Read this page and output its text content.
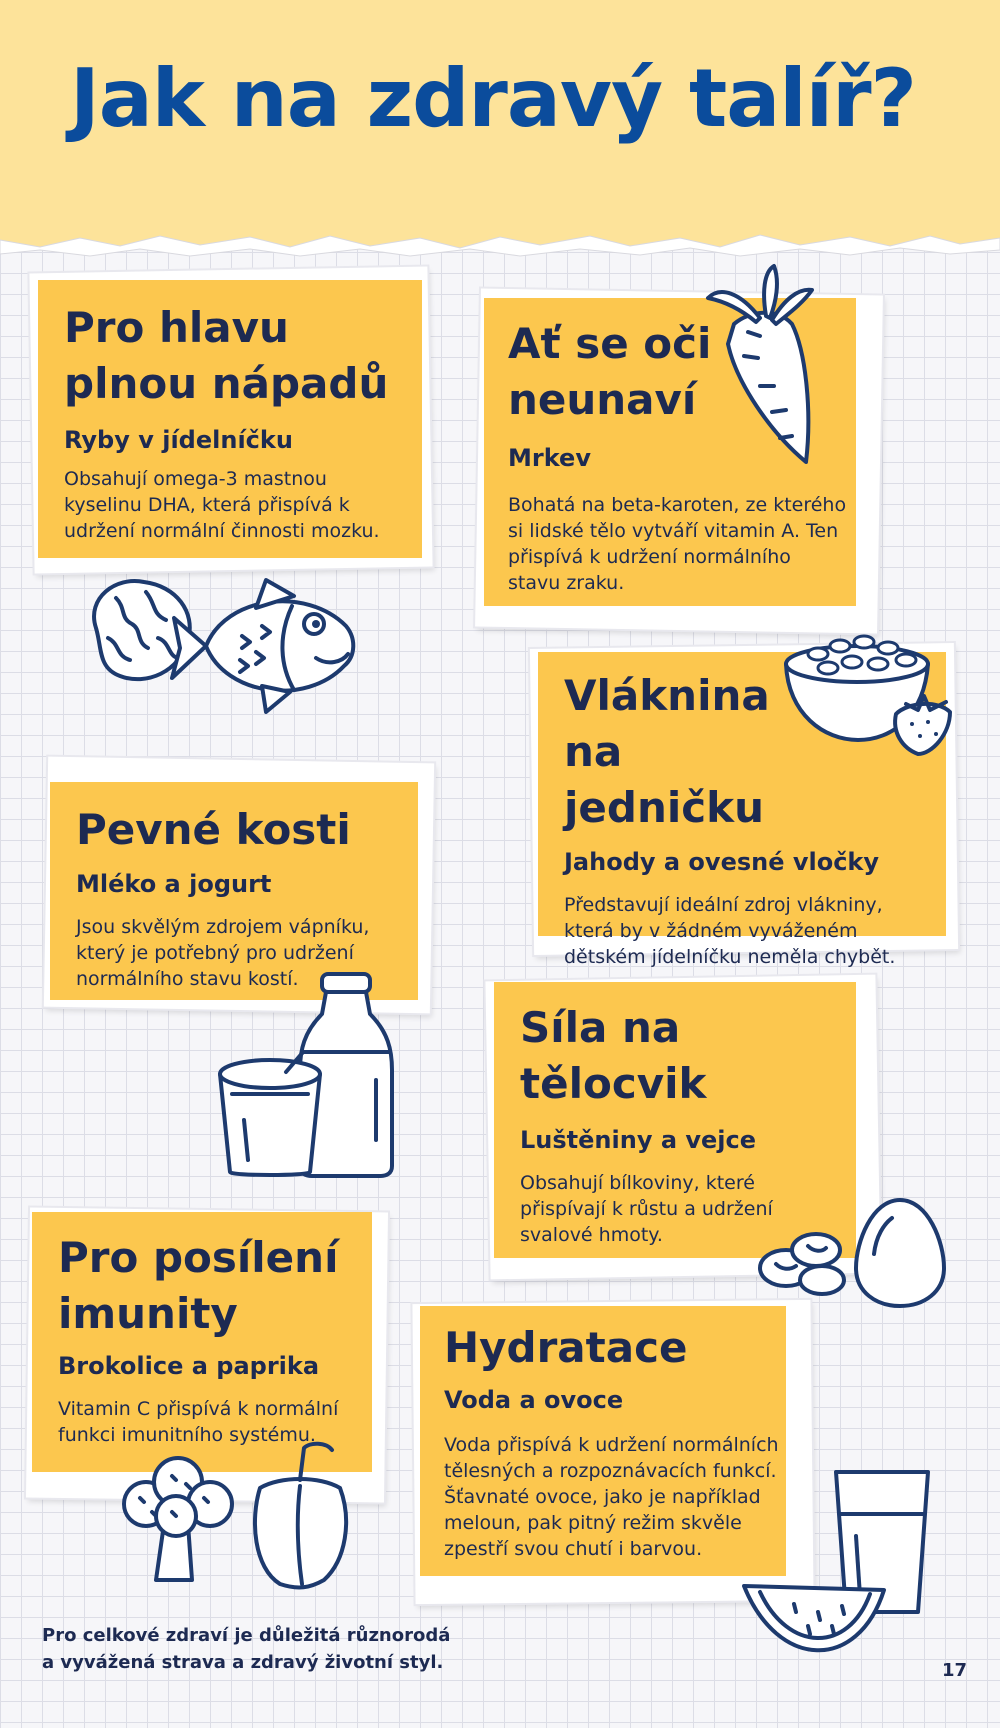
Jak na zdravý talíř?
Pro hlavu plnou nápadů
Ryby v jídelníčku

Obsahují omega-3 mastnou kyselinu DHA, která přispívá k udržení normální činnosti mozku.

Ať se oči neunaví
Mrkev

Bohatá na beta-karoten, ze kterého si lidské tělo vytváří vitamin A. Ten přispívá k udržení normálního stavu zraku.

Vláknina na jedničku
Jahody a ovesné vločky

Představují ideální zdroj vlákniny, která by v žádném vyváženém dětském jídelníčku neměla chybět.

Pevné kosti
Mléko a jogurt

Jsou skvělým zdrojem vápníku, který je potřebný pro udržení normálního stavu kostí.

Síla na tělocvik
Luštěniny a vejce

Obsahují bílkoviny, které přispívají k růstu a udržení svalové hmoty.

Pro posílení imunity
Brokolice a paprika

Vitamin C přispívá k normální funkci imunitního systému.

Hydratace
Voda a ovoce

Voda přispívá k udržení normálních tělesných a rozpoznávacích funkcí. Šťavnaté ovoce, jako je například meloun, pak pitný režim skvěle zpestří svou chutí i barvou.

Pro celkové zdraví je důležitá různorodá a vyvážená strava a zdravý životní styl.	17
